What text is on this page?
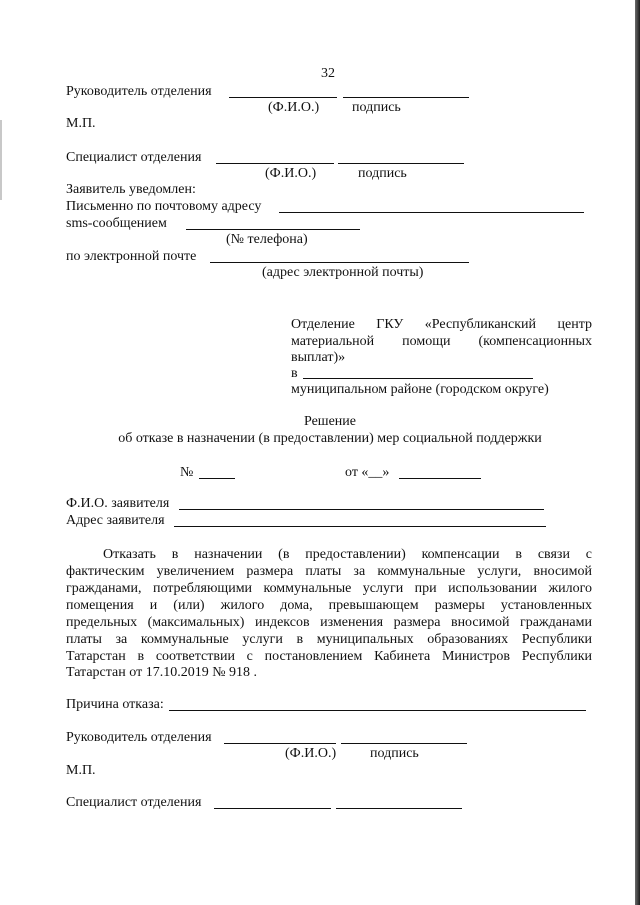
32
Руководитель отделения
(Ф.И.О.) подпись
М.П.
Специалист отделения
(Ф.И.О.)	подпись
Заявитель уведомлен:
Письменно по почтовому адресу
sms-сообщением
(№ телефона)
по электронной почте
(адрес электронной почты)
Отделение ГКУ «Республиканский центр
материальной помощи (компенсационных
выплат)»
в
муниципальном районе (городском округе)
Решение
об отказе в назначении (в предоставлении) мер социальной поддержки
№	от «__»
Ф.И.О. заявителя
Адрес заявителя
Отказать в назначении (в предоставлении) компенсации в связи с
фактическим увеличением размера платы за коммунальные услуги, вносимой
гражданами, потребляющими коммунальные услуги при использовании жилого
помещения и (или) жилого дома, превышающем размеры установленных
предельных (максимальных) индексов изменения размера вносимой гражданами
платы за коммунальные услуги в муниципальных образованиях Республики
Татарстан в соответствии с постановлением Кабинета Министров Республики
Татарстан от 17.10.2019 № 918 .
Причина отказа:
Руководитель отделения
(Ф.И.О.) подпись
М.П.
Специалист отделения
